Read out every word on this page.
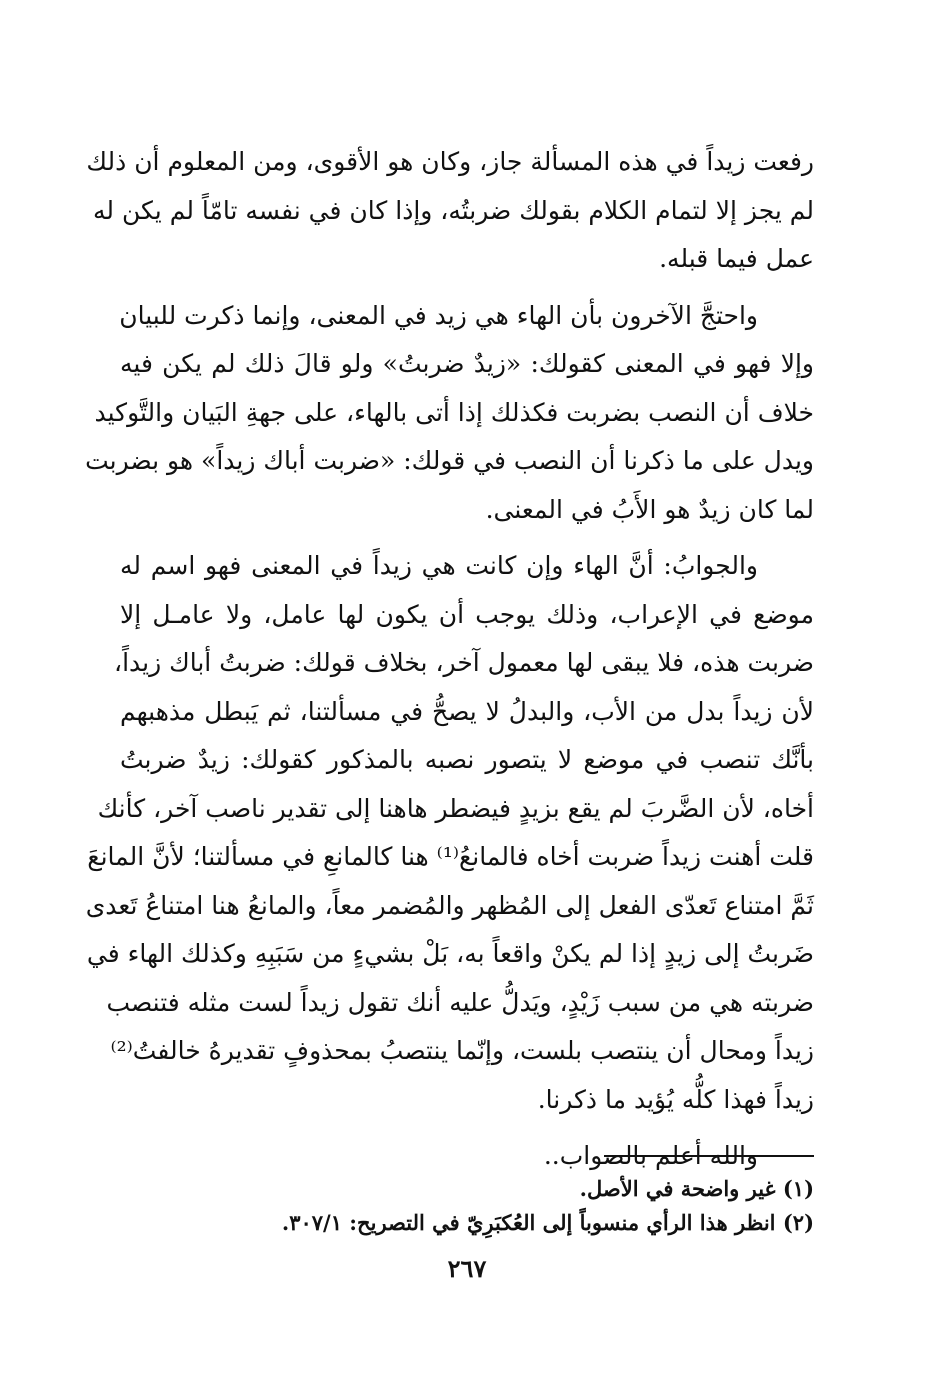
رفعت زيداً في هذه المسألة جاز، وكان هو الأقوى، ومن المعلوم أن ذلك
لم يجز إلا لتمام الكلام بقولك ضربتُه، وإذا كان في نفسه تامّاً لم يكن له
عمل فيما قبله.
واحتجَّ الآخرون بأن الهاء هي زيد في المعنى، وإنما ذكرت للبيان
وإلا فهو في المعنى كقولك: «زيدٌ ضربتُ» ولو قالَ ذلك لم يكن فيه
خلاف أن النصب بضربت فكذلك إذا أتى بالهاء، على جهةِ البَيان والتَّوكيد
ويدل على ما ذكرنا أن النصب في قولك: «ضربت أباك زيداً» هو بضربت
لما كان زيدٌ هو الأَبُ في المعنى.
والجوابُ: أنَّ الهاء وإن كانت هي زيداً في المعنى فهو اسم له
موضع في الإعراب، وذلك يوجب أن يكون لها عامل، ولا عامـل إلا
ضربت هذه، فلا يبقى لها معمول آخر، بخلاف قولك: ضربتُ أباك زيداً،
لأن زيداً بدل من الأب، والبدلُ لا يصحُّ في مسألتنا، ثم يَبطل مذهبهم
بأنَّك تنصب في موضع لا يتصور نصبه بالمذكور كقولك: زيدٌ ضربتُ
أخاه، لأن الضَّربَ لم يقع بزيدٍ فيضطر هاهنا إلى تقدير ناصب آخر، كأنك
قلت أهنت زيداً ضربت أخاه فالمانعُ⁽¹⁾ هنا كالمانعِ في مسألتنا؛ لأنَّ المانعَ
ثَمَّ امتناع تَعدّى الفعل إلى المُظهر والمُضمر معاً، والمانعُ هنا امتناعُ تَعدى
ضَربتُ إلى زيدٍ إذا لم يكنْ واقعاً به، بَلْ بشيءٍ من سَبَبِهِ وكذلك الهاء في
ضربته هي من سبب زَيْدٍ، ويَدلُّ عليه أنك تقول زيداً لست مثله فتنصب
زيداً ومحال أن ينتصب بلست، وإنّما ينتصبُ بمحذوفٍ تقديرهُ خالفتُ⁽²⁾
زيداً فهذا كلُّه يُؤيد ما ذكرنا.
والله أعلم بالصواب..
(١) غير واضحة في الأصل.
(٢) انظر هذا الرأي منسوباً إلى العُكبَرِيّ في التصريح: ٣٠٧/١.
٢٦٧
